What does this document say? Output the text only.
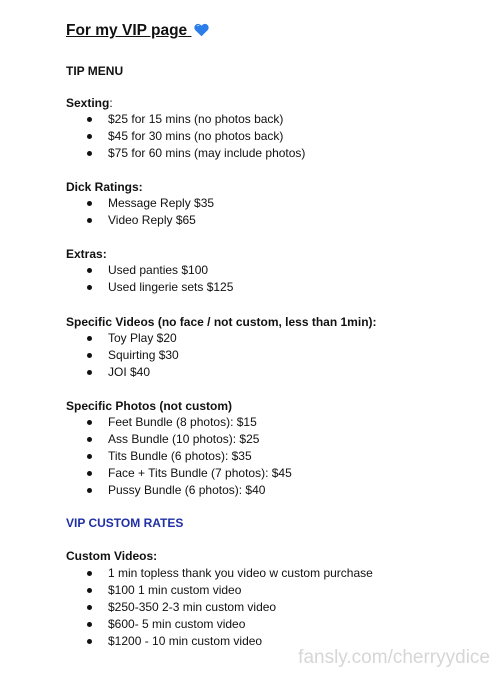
For my VIP page
TIP MENU
Sexting:
$25 for 15 mins (no photos back)
$45 for 30 mins (no photos back)
$75 for 60 mins (may include photos)
Dick Ratings:
Message Reply $35
Video Reply $65
Extras:
Used panties $100
Used lingerie sets $125
Specific Videos (no face / not custom, less than 1min):
Toy Play $20
Squirting $30
JOI $40
Specific Photos (not custom)
Feet Bundle (8 photos): $15
Ass Bundle (10 photos): $25
Tits Bundle (6 photos): $35
Face + Tits Bundle (7 photos): $45
Pussy Bundle (6 photos): $40
VIP CUSTOM RATES
Custom Videos:
1 min topless thank you video w custom purchase
$100 1 min custom video
$250-350 2-3 min custom video
$600- 5 min custom video
$1200 - 10 min custom video
fansly.com/cherryydice
